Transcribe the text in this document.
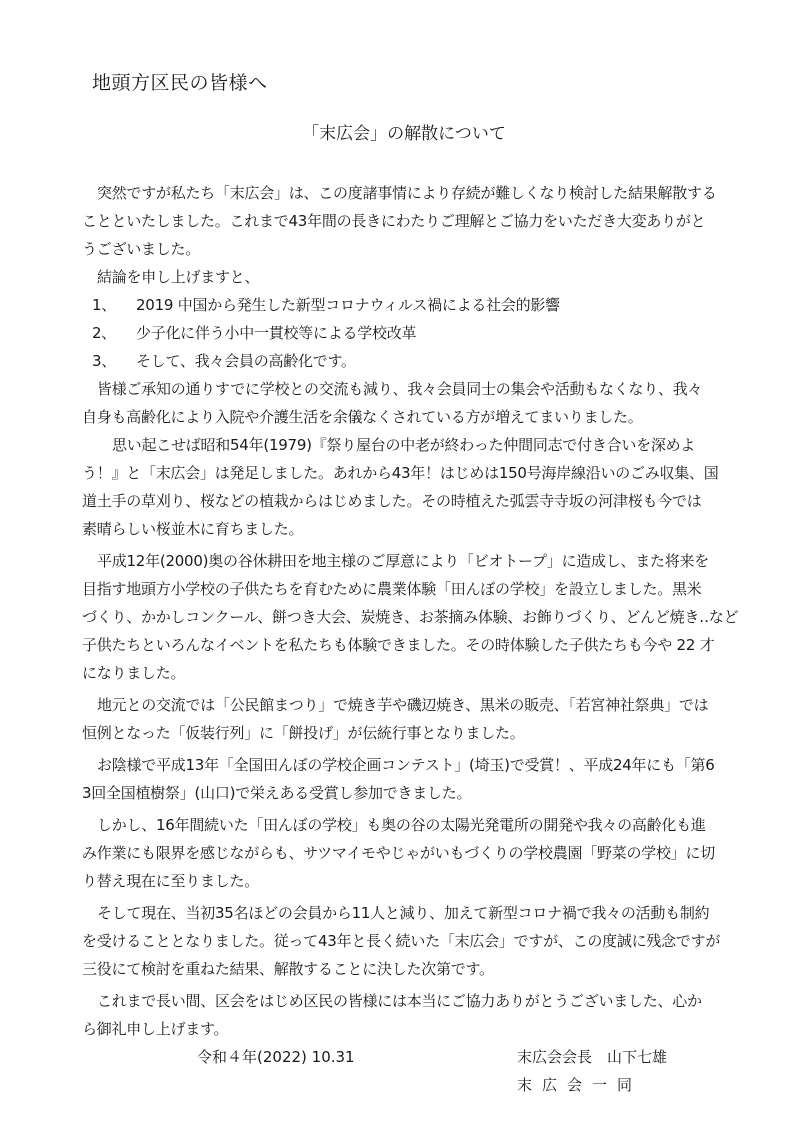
地頭方区民の皆様へ
「末広会」の解散について
突然ですが私たち「末広会」は、この度諸事情により存続が難しくなり検討した結果解散する
ことといたしました。これまで43年間の長きにわたりご理解とご協力をいただき大変ありがと
うございました。
結論を申し上げますと、
1、 2019 中国から発生した新型コロナウィルス禍による社会的影響
2、 少子化に伴う小中一貫校等による学校改革
3、 そして、我々会員の高齢化です。
皆様ご承知の通りすでに学校との交流も減り、我々会員同士の集会や活動もなくなり、我々
自身も高齢化により入院や介護生活を余儀なくされている方が増えてまいりました。
思い起こせば昭和54年(1979)『祭り屋台の中老が終わった仲間同志で付き合いを深めよ
う！』と「末広会」は発足しました。あれから43年！はじめは150号海岸線沿いのごみ収集、国
道土手の草刈り、桜などの植栽からはじめました。その時植えた弧雲寺寺坂の河津桜も今では
素晴らしい桜並木に育ちました。
平成12年(2000)奥の谷休耕田を地主様のご厚意により「ビオトープ」に造成し、また将来を
目指す地頭方小学校の子供たちを育むために農業体験「田んぼの学校」を設立しました。黒米
づくり、かかしコンクール、餅つき大会、炭焼き、お茶摘み体験、お飾りづくり、どんど焼き‥など
子供たちといろんなイベントを私たちも体験できました。その時体験した子供たちも今や 22 才
になりました。
地元との交流では「公民館まつり」で焼き芋や磯辺焼き、黒米の販売、「若宮神社祭典」では
恒例となった「仮装行列」に「餅投げ」が伝統行事となりました。
お陰様で平成13年「全国田んぼの学校企画コンテスト」(埼玉)で受賞！、平成24年にも「第6
3回全国植樹祭」(山口)で栄えある受賞し参加できました。
しかし、16年間続いた「田んぼの学校」も奥の谷の太陽光発電所の開発や我々の高齢化も進
み作業にも限界を感じながらも、サツマイモやじゃがいもづくりの学校農園「野菜の学校」に切
り替え現在に至りました。
そして現在、当初35名ほどの会員から11人と減り、加えて新型コロナ禍で我々の活動も制約
を受けることとなりました。従って43年と長く続いた「末広会」ですが、この度誠に残念ですが
三役にて検討を重ねた結果、解散することに決した次第です。
これまで長い間、区会をはじめ区民の皆様には本当にご協力ありがとうございました、心か
ら御礼申し上げます。
令和４年(2022) 10.31	末広会会長　山下七雄
末広会一同
